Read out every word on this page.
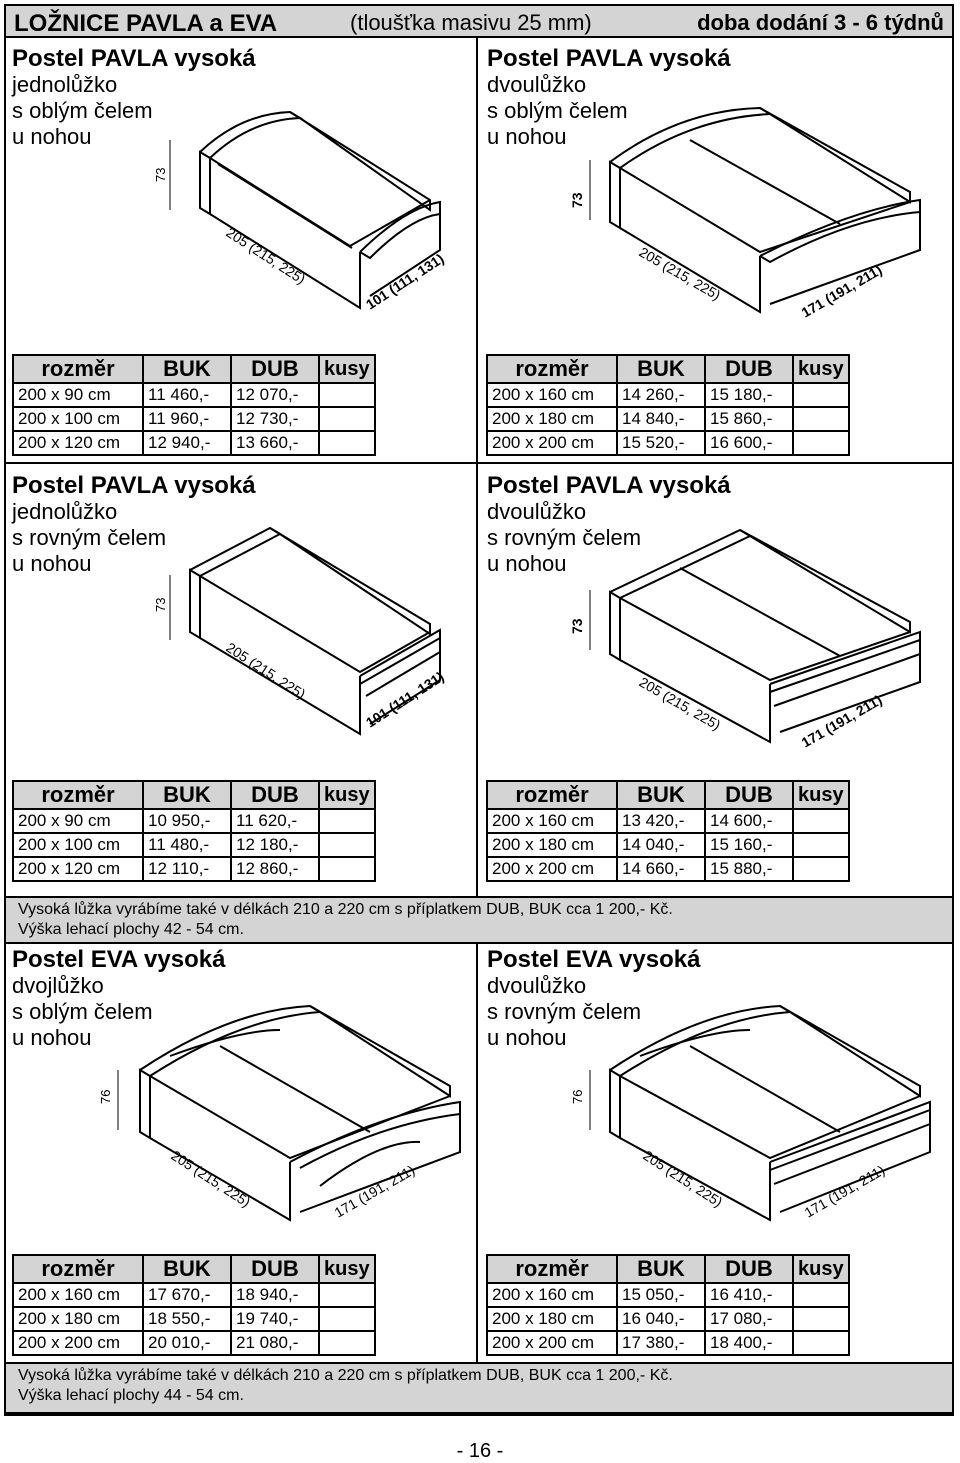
LOŽNICE PAVLA a EVA	(tloušťka masivu 25 mm)	doba dodání 3 - 6 týdnů
Postel PAVLA vysoká
jednolůžko
s oblým čelem
u nohou
Postel PAVLA vysoká
dvoulůžko
s oblým čelem
u nohou
Postel PAVLA vysoká
jednolůžko
s rovným čelem
u nohou
Postel PAVLA vysoká
dvoulůžko
s rovným čelem
u nohou
Postel EVA vysoká
dvojlůžko
s oblým čelem
u nohou
Postel EVA vysoká
dvoulůžko
s rovným čelem
u nohou
73
205 (215, 225)	101 (111, 131)
73
205 (215, 225)	171 (191, 211)
73
205 (215, 225)	101 (111, 131)
73
205 (215, 225)	171 (191, 211)
76
205 (215, 225)	171 (191, 211)
76
205 (215, 225)	171 (191, 211)
rozměr	BUK	DUB	kusy
200 x 90 cm	11 460,-	12 070,-	
200 x 100 cm	11 960,-	12 730,-	
200 x 120 cm	12 940,-	13 660,-	
rozměr	BUK	DUB	kusy
200 x 160 cm	14 260,-	15 180,-	
200 x 180 cm	14 840,-	15 860,-	
200 x 200 cm	15 520,-	16 600,-	
rozměr	BUK	DUB	kusy
200 x 90 cm	10 950,-	11 620,-	
200 x 100 cm	11 480,-	12 180,-	
200 x 120 cm	12 110,-	12 860,-	
rozměr	BUK	DUB	kusy
200 x 160 cm	13 420,-	14 600,-	
200 x 180 cm	14 040,-	15 160,-	
200 x 200 cm	14 660,-	15 880,-	
rozměr	BUK	DUB	kusy
200 x 160 cm	17 670,-	18 940,-	
200 x 180 cm	18 550,-	19 740,-	
200 x 200 cm	20 010,-	21 080,-	
rozměr	BUK	DUB	kusy
200 x 160 cm	15 050,-	16 410,-	
200 x 180 cm	16 040,-	17 080,-	
200 x 200 cm	17 380,-	18 400,-	
Vysoká lůžka vyrábíme také v délkách 210 a 220 cm s příplatkem DUB, BUK cca 1 200,- Kč.
Výška lehací plochy 42 - 54 cm.
Vysoká lůžka vyrábíme také v délkách 210 a 220 cm s příplatkem DUB, BUK cca 1 200,- Kč.
Výška lehací plochy 44 - 54 cm.
- 16 -
